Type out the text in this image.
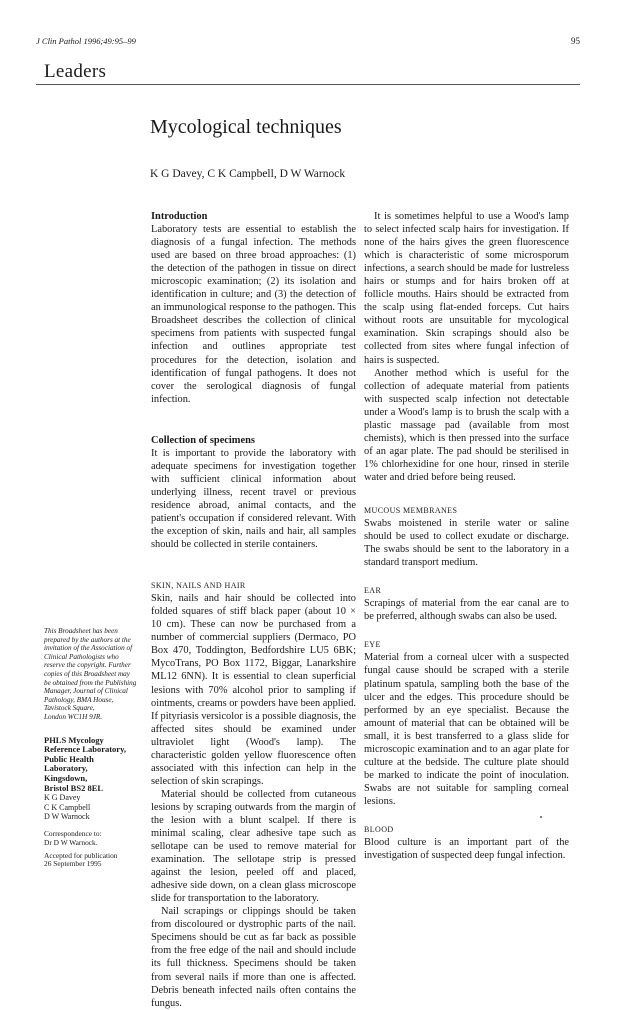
J Clin Pathol 1996;49:95–99	95
Leaders
Mycological techniques
K G Davey, C K Campbell, D W Warnock

This Broadsheet has been
prepared by the authors at the
invitation of the Association of
Clinical Pathologists who
reserve the copyright. Further
copies of this Broadsheet may
be obtained from the Publishing
Manager, Journal of Clinical
Pathology, BMA House,
Tavistock Square,
London WC1H 9JR.

PHLS Mycology
Reference Laboratory,
Public Health
Laboratory,
Kingsdown,
Bristol BS2 8EL

K G Davey
C K Campbell
D W Warnock

Correspondence to:
Dr D W Warnock.

Accepted for publication
26 September 1995

Introduction

Laboratory tests are essential to establish the diagnosis of a fungal infection. The methods used are based on three broad approaches: (1) the detection of the pathogen in tissue on direct microscopic examination; (2) its isolation and identification in culture; and (3) the detection of an immunological response to the pathogen. This Broadsheet describes the collection of clinical specimens from patients with suspected fungal infection and outlines appropriate test procedures for the detection, isolation and identification of fungal pathogens. It does not cover the serological diagnosis of fungal infection.

Collection of specimens

It is important to provide the laboratory with adequate specimens for investigation together with sufficient clinical information about underlying illness, recent travel or previous residence abroad, animal contacts, and the patient's occupation if considered relevant. With the exception of skin, nails and hair, all samples should be collected in sterile containers.

SKIN, NAILS AND HAIR

Skin, nails and hair should be collected into folded squares of stiff black paper (about 10 × 10 cm). These can now be purchased from a number of commercial suppliers (Dermaco, PO Box 470, Toddington, Bedfordshire LU5 6BK; MycoTrans, PO Box 1172, Biggar, Lanarkshire ML12 6NN). It is essential to clean superficial lesions with 70% alcohol prior to sampling if ointments, creams or powders have been applied. If pityriasis versicolor is a possible diagnosis, the affected sites should be examined under ultraviolet light (Wood's lamp). The characteristic golden yellow fluorescence often associated with this infection can help in the selection of skin scrapings.

Material should be collected from cutaneous lesions by scraping outwards from the margin of the lesion with a blunt scalpel. If there is minimal scaling, clear adhesive tape such as sellotape can be used to remove material for examination. The sellotape strip is pressed against the lesion, peeled off and placed, adhesive side down, on a clean glass microscope slide for transportation to the laboratory.

Nail scrapings or clippings should be taken from discoloured or dystrophic parts of the nail. Specimens should be cut as far back as possible from the free edge of the nail and should include its full thickness. Specimens should be taken from several nails if more than one is affected. Debris beneath infected nails often contains the fungus.

It is sometimes helpful to use a Wood's lamp to select infected scalp hairs for investigation. If none of the hairs gives the green fluorescence which is characteristic of some microsporum infections, a search should be made for lustreless hairs or stumps and for hairs broken off at follicle mouths. Hairs should be extracted from the scalp using flat-ended forceps. Cut hairs without roots are unsuitable for mycological examination. Skin scrapings should also be collected from sites where fungal infection of hairs is suspected.

Another method which is useful for the collection of adequate material from patients with suspected scalp infection not detectable under a Wood's lamp is to brush the scalp with a plastic massage pad (available from most chemists), which is then pressed into the surface of an agar plate. The pad should be sterilised in 1% chlorhexidine for one hour, rinsed in sterile water and dried before being reused.

MUCOUS MEMBRANES

Swabs moistened in sterile water or saline should be used to collect exudate or discharge. The swabs should be sent to the laboratory in a standard transport medium.

EAR

Scrapings of material from the ear canal are to be preferred, although swabs can also be used.

EYE

Material from a corneal ulcer with a suspected fungal cause should be scraped with a sterile platinum spatula, sampling both the base of the ulcer and the edges. This procedure should be performed by an eye specialist. Because the amount of material that can be obtained will be small, it is best transferred to a glass slide for microscopic examination and to an agar plate for culture at the bedside. The culture plate should be marked to indicate the point of inoculation. Swabs are not suitable for sampling corneal lesions.

BLOOD

Blood culture is an important part of the investigation of suspected deep fungal infection.
